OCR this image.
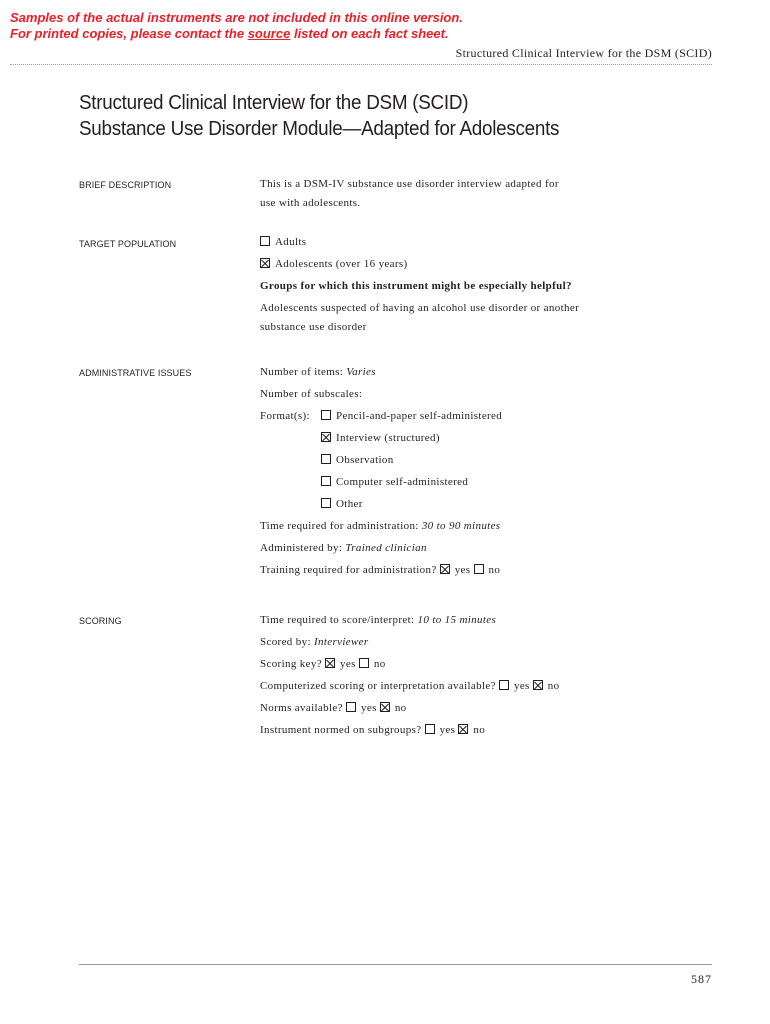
Samples of the actual instruments are not included in this online version.
For printed copies, please contact the source listed on each fact sheet.
Structured Clinical Interview for the DSM (SCID)
Structured Clinical Interview for the DSM (SCID)
Substance Use Disorder Module—Adapted for Adolescents
BRIEF DESCRIPTION	This is a DSM-IV substance use disorder interview adapted for
use with adolescents.
TARGET POPULATION	Adults
Adolescents (over 16 years)
Groups for which this instrument might be especially helpful?
Adolescents suspected of having an alcohol use disorder or another
substance use disorder
ADMINISTRATIVE ISSUES	Number of items: Varies
Number of subscales:
Format(s):	Pencil-and-paper self-administered
Interview (structured)
Observation
Computer self-administered
Other
Time required for administration: 30 to 90 minutes
Administered by: Trained clinician
Training required for administration? yes no
SCORING	Time required to score/interpret: 10 to 15 minutes
Scored by: Interviewer
Scoring key? yes no
Computerized scoring or interpretation available? yes no
Norms available? yes no
Instrument normed on subgroups? yes no
587
